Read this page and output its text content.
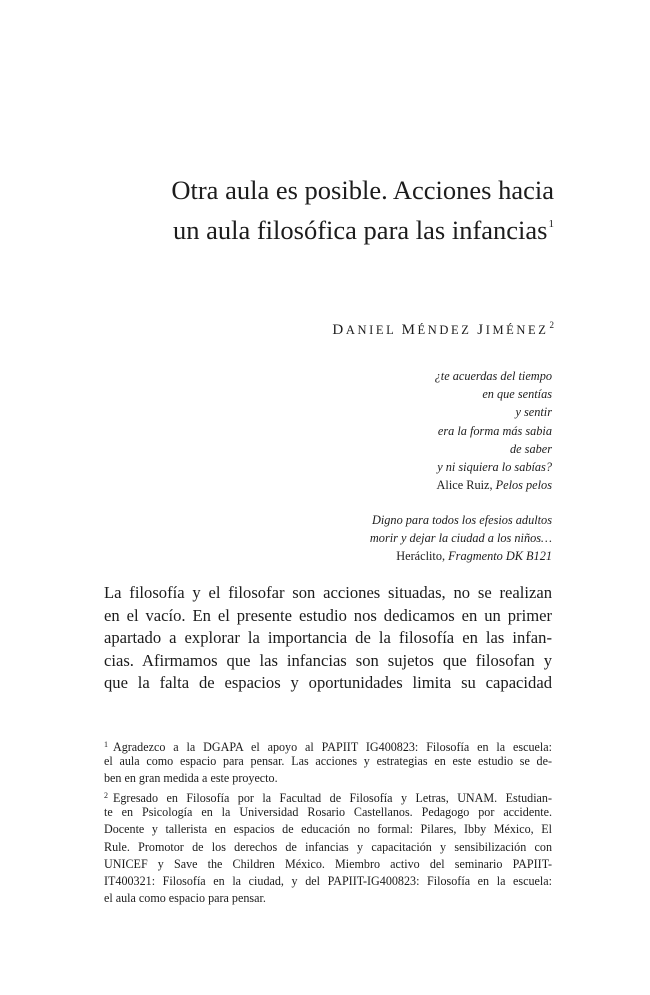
Otra aula es posible. Acciones hacia
un aula filosófica para las infancias$^1$
DANIEL MÉNDEZ JIMÉNEZ$^2$
¿te acuerdas del tiempo
en que sentías
y sentir
era la forma más sabia
de saber
y ni siquiera lo sabías?
Alice Ruiz, Pelos pelos
Digno para todos los efesios adultos
morir y dejar la ciudad a los niños…
Heráclito, Fragmento DK B121
La filosofía y el filosofar son acciones situadas, no se realizan
en el vacío. En el presente estudio nos dedicamos en un primer
apartado a explorar la importancia de la filosofía en las infan-
cias. Afirmamos que las infancias son sujetos que filosofan y
que la falta de espacios y oportunidades limita su capacidad
$^1$ Agradezco a la DGAPA el apoyo al PAPIIT IG400823: Filosofía en la escuela:
el aula como espacio para pensar. Las acciones y estrategias en este estudio se de-
ben en gran medida a este proyecto.
$^2$ Egresado en Filosofía por la Facultad de Filosofía y Letras, UNAM. Estudian-
te en Psicología en la Universidad Rosario Castellanos. Pedagogo por accidente.
Docente y tallerista en espacios de educación no formal: Pilares, Ibby México, El
Rule. Promotor de los derechos de infancias y capacitación y sensibilización con
UNICEF y Save the Children México. Miembro activo del seminario PAPIIT-
IT400321: Filosofía en la ciudad, y del PAPIIT-IG400823: Filosofía en la escuela:
el aula como espacio para pensar.
